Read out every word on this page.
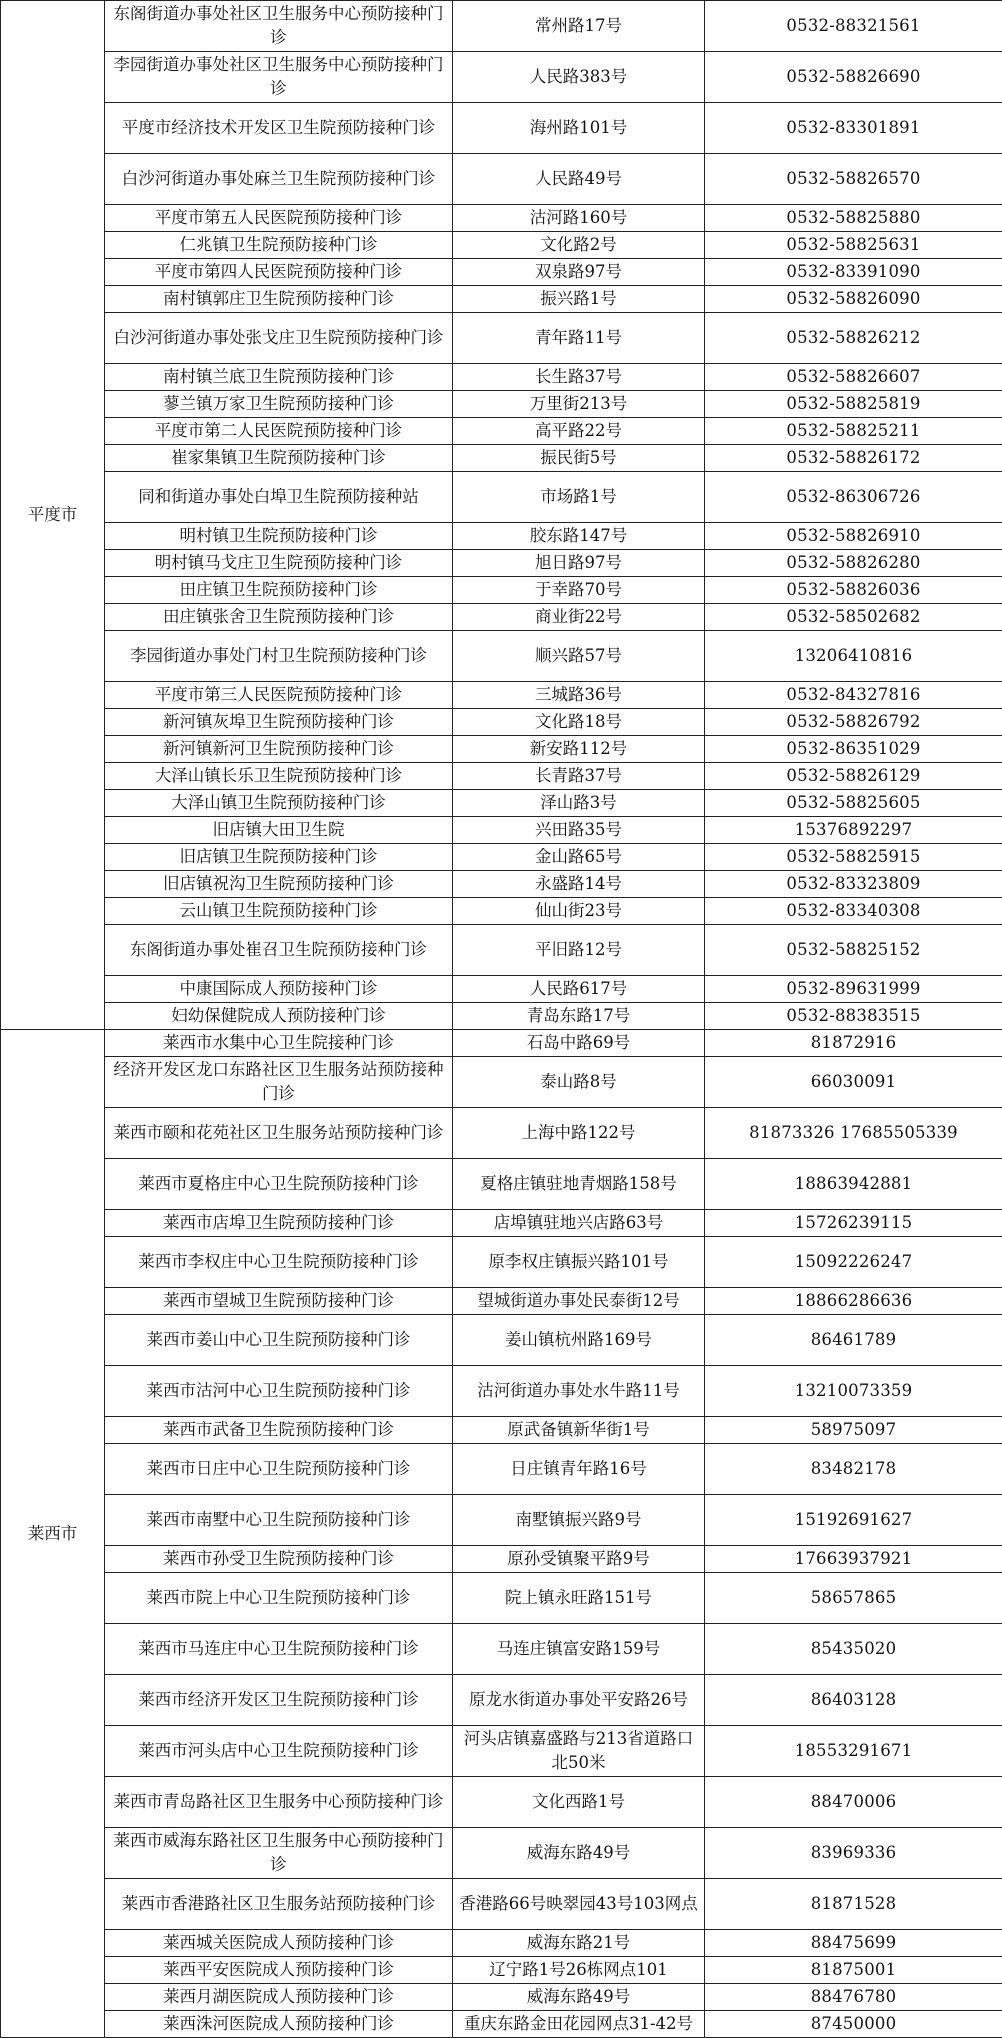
平度市	东阁街道办事处社区卫生服务中心预防接种门诊	常州路17号	0532-88321561
	李园街道办事处社区卫生服务中心预防接种门诊	人民路383号	0532-58826690
	平度市经济技术开发区卫生院预防接种门诊	海州路101号	0532-83301891
	白沙河街道办事处麻兰卫生院预防接种门诊	人民路49号	0532-58826570
	平度市第五人民医院预防接种门诊	沽河路160号	0532-58825880
	仁兆镇卫生院预防接种门诊	文化路2号	0532-58825631
	平度市第四人民医院预防接种门诊	双泉路97号	0532-83391090
	南村镇郭庄卫生院预防接种门诊	振兴路1号	0532-58826090
	白沙河街道办事处张戈庄卫生院预防接种门诊	青年路11号	0532-58826212
	南村镇兰底卫生院预防接种门诊	长生路37号	0532-58826607
	蓼兰镇万家卫生院预防接种门诊	万里街213号	0532-58825819
	平度市第二人民医院预防接种门诊	高平路22号	0532-58825211
	崔家集镇卫生院预防接种门诊	振民街5号	0532-58826172
	同和街道办事处白埠卫生院预防接种站	市场路1号	0532-86306726
	明村镇卫生院预防接种门诊	胶东路147号	0532-58826910
	明村镇马戈庄卫生院预防接种门诊	旭日路97号	0532-58826280
	田庄镇卫生院预防接种门诊	于幸路70号	0532-58826036
	田庄镇张舍卫生院预防接种门诊	商业街22号	0532-58502682
	李园街道办事处门村卫生院预防接种门诊	顺兴路57号	13206410816
	平度市第三人民医院预防接种门诊	三城路36号	0532-84327816
	新河镇灰埠卫生院预防接种门诊	文化路18号	0532-58826792
	新河镇新河卫生院预防接种门诊	新安路112号	0532-86351029
	大泽山镇长乐卫生院预防接种门诊	长青路37号	0532-58826129
	大泽山镇卫生院预防接种门诊	泽山路3号	0532-58825605
	旧店镇大田卫生院	兴田路35号	15376892297
	旧店镇卫生院预防接种门诊	金山路65号	0532-58825915
	旧店镇祝沟卫生院预防接种门诊	永盛路14号	0532-83323809
	云山镇卫生院预防接种门诊	仙山街23号	0532-83340308
	东阁街道办事处崔召卫生院预防接种门诊	平旧路12号	0532-58825152
	中康国际成人预防接种门诊	人民路617号	0532-89631999
	妇幼保健院成人预防接种门诊	青岛东路17号	0532-88383515
莱西市	莱西市水集中心卫生院接种门诊	石岛中路69号	81872916
	经济开发区龙口东路社区卫生服务站预防接种门诊	泰山路8号	66030091
	莱西市颐和花苑社区卫生服务站预防接种门诊	上海中路122号	81873326 17685505339
	莱西市夏格庄中心卫生院预防接种门诊	夏格庄镇驻地青烟路158号	18863942881
	莱西市店埠卫生院预防接种门诊	店埠镇驻地兴店路63号	15726239115
	莱西市李权庄中心卫生院预防接种门诊	原李权庄镇振兴路101号	15092226247
	莱西市望城卫生院预防接种门诊	望城街道办事处民泰街12号	18866286636
	莱西市姜山中心卫生院预防接种门诊	姜山镇杭州路169号	86461789
	莱西市沽河中心卫生院预防接种门诊	沽河街道办事处水牛路11号	13210073359
	莱西市武备卫生院预防接种门诊	原武备镇新华街1号	58975097
	莱西市日庄中心卫生院预防接种门诊	日庄镇青年路16号	83482178
	莱西市南墅中心卫生院预防接种门诊	南墅镇振兴路9号	15192691627
	莱西市孙受卫生院预防接种门诊	原孙受镇聚平路9号	17663937921
	莱西市院上中心卫生院预防接种门诊	院上镇永旺路151号	58657865
	莱西市马连庄中心卫生院预防接种门诊	马连庄镇富安路159号	85435020
	莱西市经济开发区卫生院预防接种门诊	原龙水街道办事处平安路26号	86403128
	莱西市河头店中心卫生院预防接种门诊	河头店镇嘉盛路与213省道路口北50米	18553291671
	莱西市青岛路社区卫生服务中心预防接种门诊	文化西路1号	88470006
	莱西市威海东路社区卫生服务中心预防接种门诊	威海东路49号	83969336
	莱西市香港路社区卫生服务站预防接种门诊	香港路66号映翠园43号103网点	81871528
	莱西城关医院成人预防接种门诊	威海东路21号	88475699
	莱西平安医院成人预防接种门诊	辽宁路1号26栋网点101	81875001
	莱西月湖医院成人预防接种门诊	威海东路49号	88476780
	莱西洙河医院成人预防接种门诊	重庆东路金田花园网点31-42号	87450000
